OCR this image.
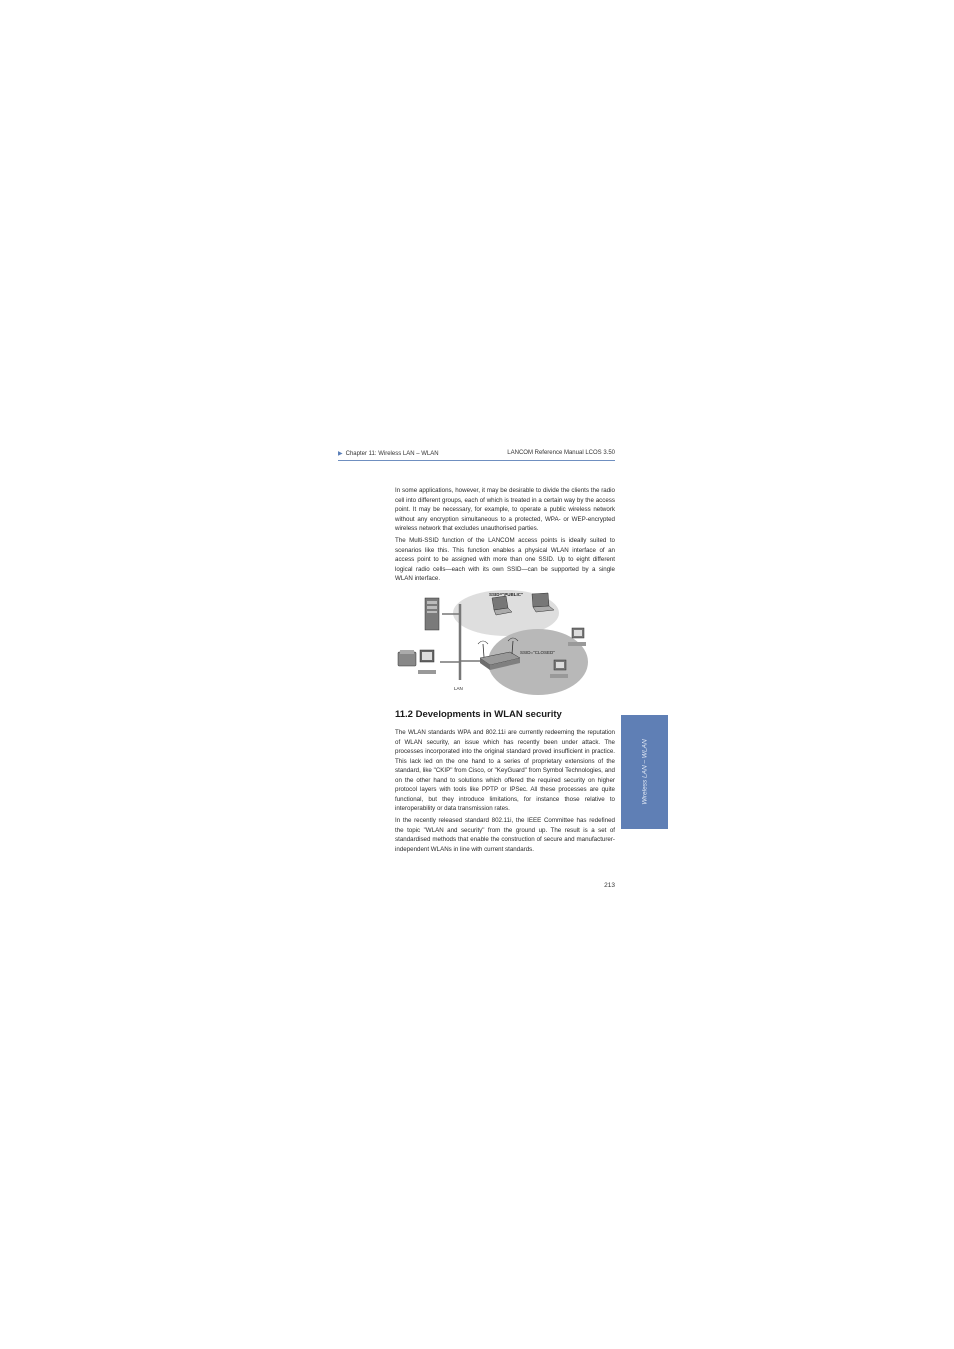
▶ Chapter 11: Wireless LAN – WLAN	LANCOM Reference Manual LCOS 3.50

In some applications, however, it may be desirable to divide the clients the radio cell into different groups, each of which is treated in a certain way by the access point. It may be necessary, for example, to operate a public wireless network without any encryption simultaneous to a protected, WPA- or WEP-encrypted wireless network that excludes unauthorised parties.

The Multi-SSID function of the LANCOM access points is ideally suited to scenarios like this. This function enables a physical WLAN interface of an access point to be assigned with more than one SSID. Up to eight different logical radio cells—each with its own SSID—can be supported by a single WLAN interface.

SSID="PUBLIC"
SSID="CLOSED"
LAN
11.2 Developments in WLAN security

The WLAN standards WPA and 802.11i are currently redeeming the reputation of WLAN security, an issue which has recently been under attack. The processes incorporated into the original standard proved insufficient in practice. This lack led on the one hand to a series of proprietary extensions of the standard, like "CKIP" from Cisco, or "KeyGuard" from Symbol Technologies, and on the other hand to solutions which offered the required security on higher protocol layers with tools like PPTP or IPSec. All these processes are quite functional, but they introduce limitations, for instance those relative to interoperability or data transmission rates.

In the recently released standard 802.11i, the IEEE Committee has redefined the topic "WLAN and security" from the ground up. The result is a set of standardised methods that enable the construction of secure and manufacturer-independent WLANs in line with current standards.

Wireless LAN – WLAN
213
